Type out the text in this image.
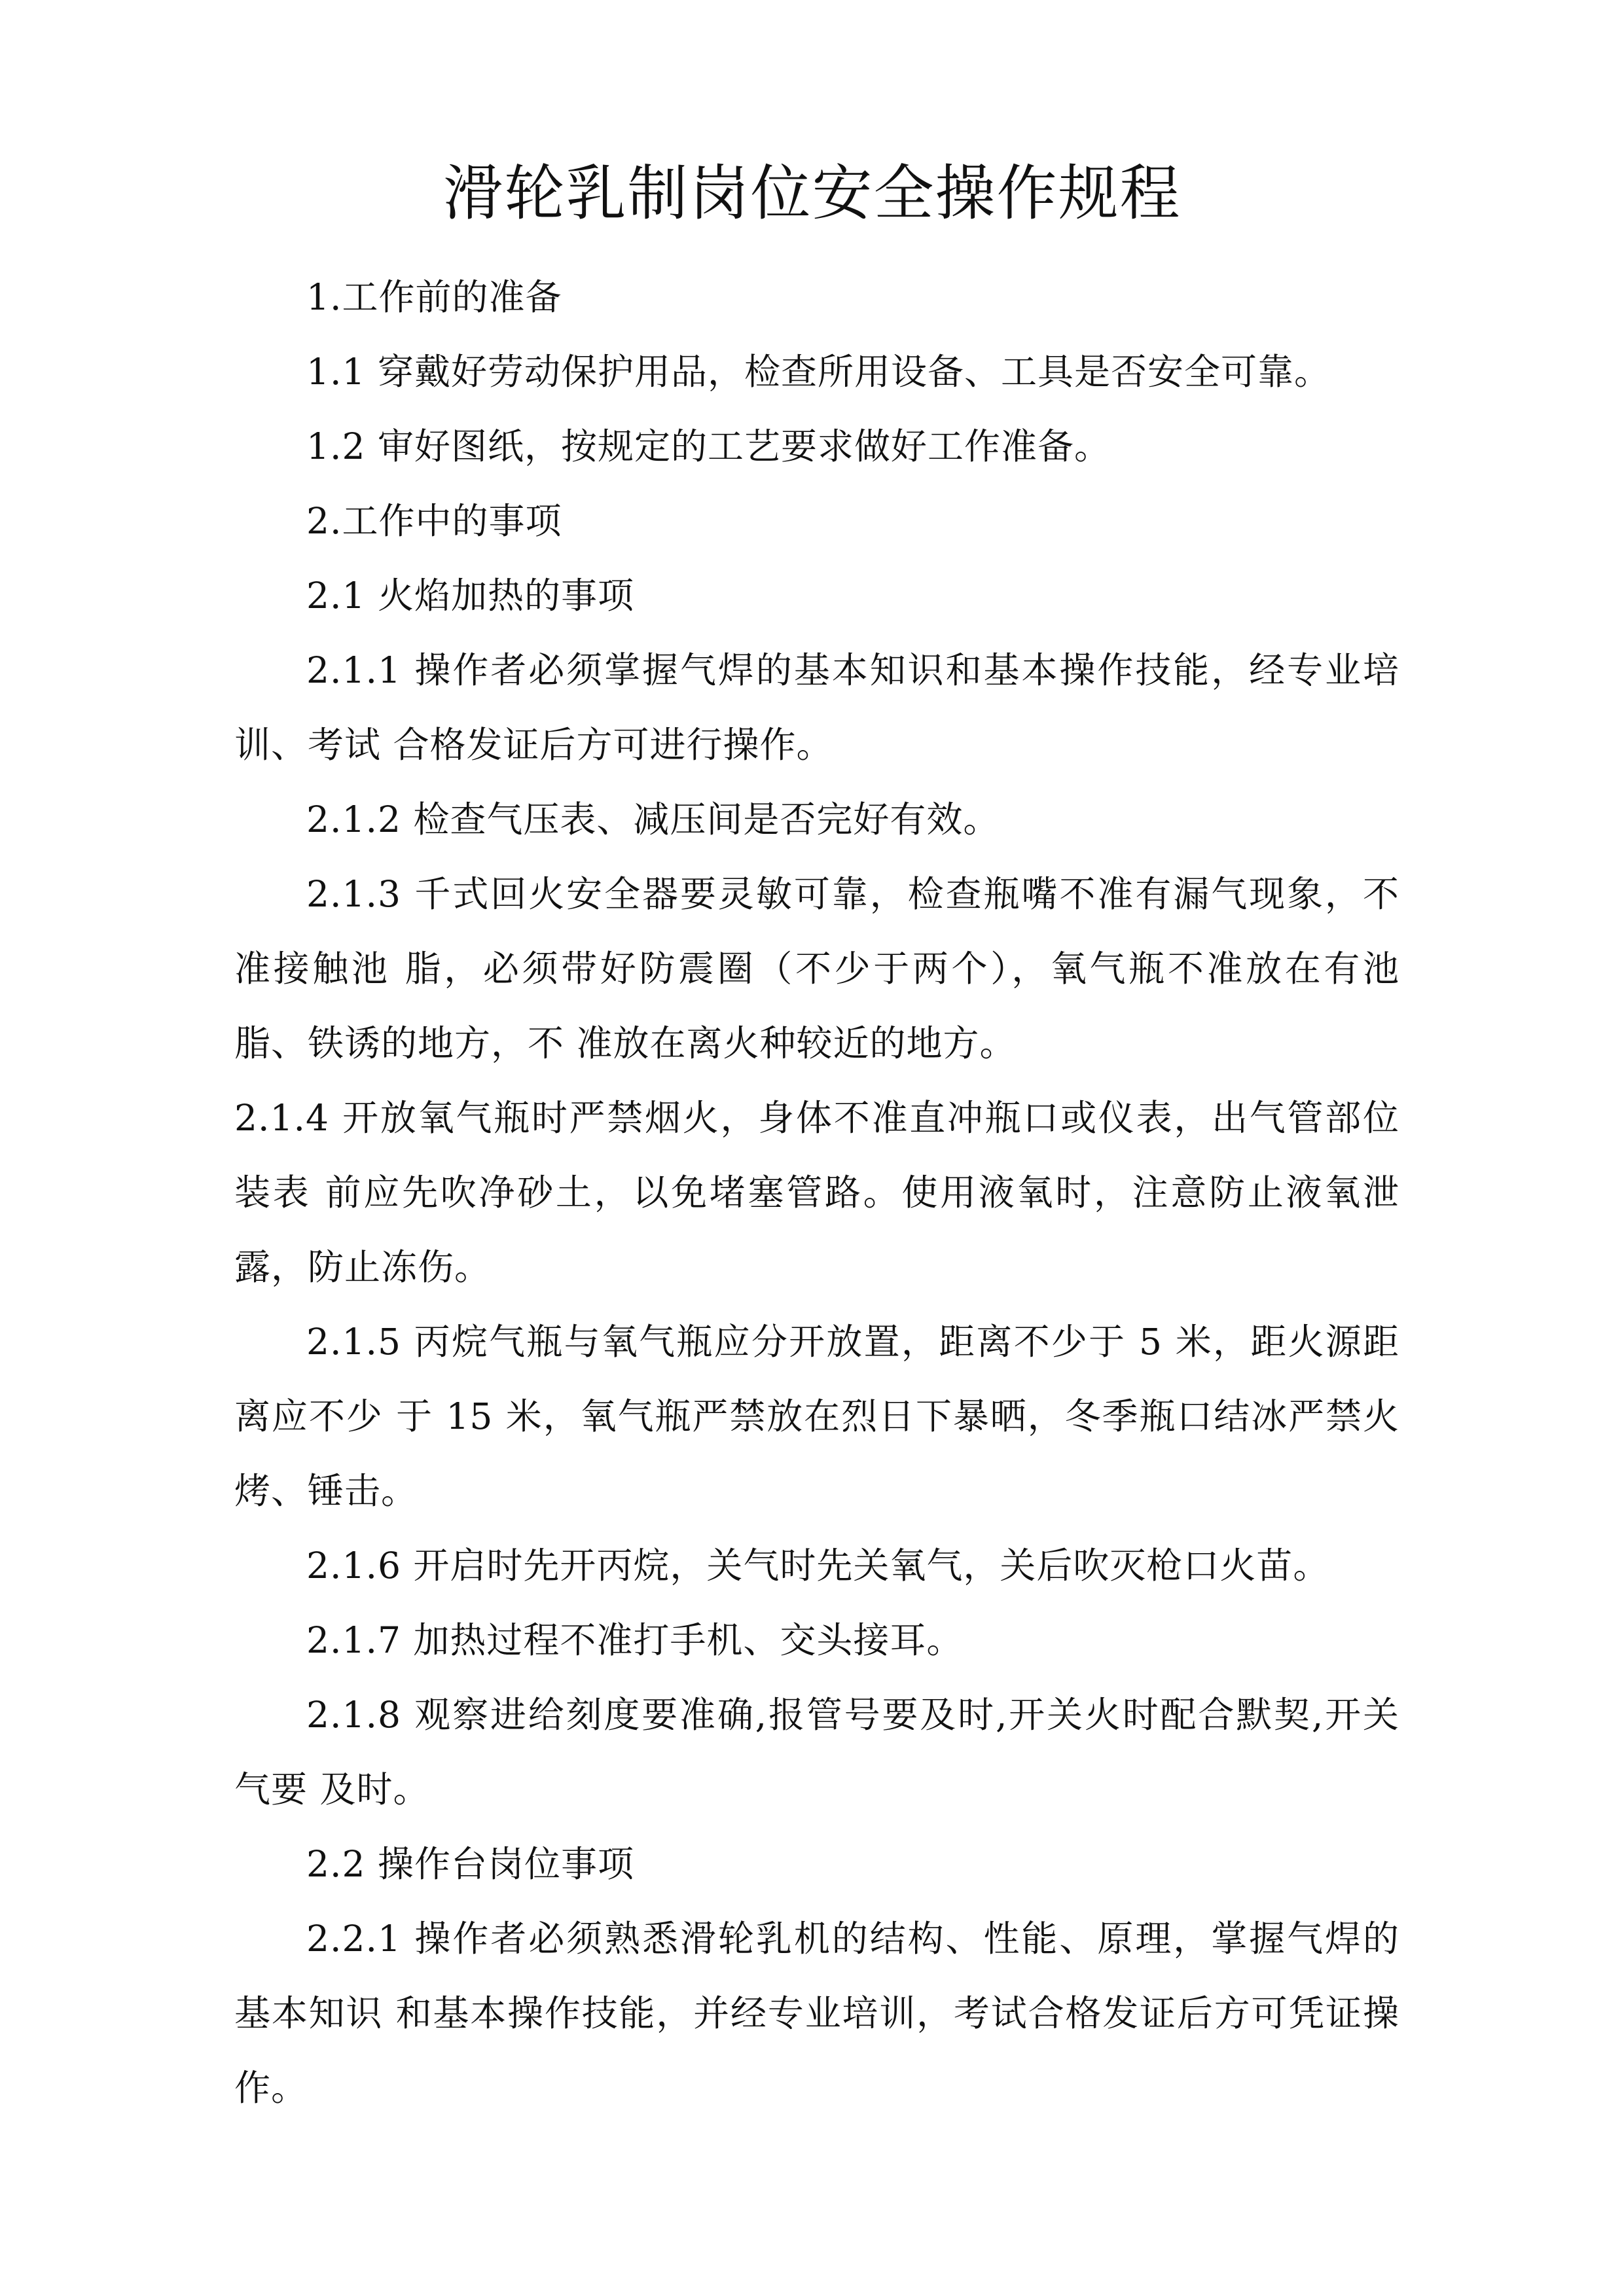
滑轮乳制岗位安全操作规程

1.工作前的准备

1.1 穿戴好劳动保护用品，检查所用设备、工具是否安全可靠。

1.2 审好图纸，按规定的工艺要求做好工作准备。

2.工作中的事项

2.1 火焰加热的事项

2.1.1 操作者必须掌握气焊的基本知识和基本操作技能，经专业培训、考试 合格发证后方可进行操作。

2.1.2 检查气压表、减压间是否完好有效。

2.1.3 千式回火安全器要灵敏可靠，检查瓶嘴不准有漏气现象，不准接触池 脂，必须带好防震圈（不少于两个），氧气瓶不准放在有池脂、铁诱的地方，不 准放在离火种较近的地方。

2.1.4 开放氧气瓶时严禁烟火，身体不准直冲瓶口或仪表，出气管部位装表 前应先吹净砂土，以免堵塞管路。使用液氧时，注意防止液氧泄露，防止冻伤。

2.1.5 丙烷气瓶与氧气瓶应分开放置，距离不少于 5 米，距火源距离应不少 于 15 米，氧气瓶严禁放在烈日下暴晒，冬季瓶口结冰严禁火烤、锤击。

2.1.6 开启时先开丙烷，关气时先关氧气，关后吹灭枪口火苗。

2.1.7 加热过程不准打手机、交头接耳。

2.1.8 观察进给刻度要准确,报管号要及时,开关火时配合默契,开关气要 及时。

2.2 操作台岗位事项

2.2.1 操作者必须熟悉滑轮乳机的结构、性能、原理，掌握气焊的基本知识 和基本操作技能，并经专业培训，考试合格发证后方可凭证操作。
